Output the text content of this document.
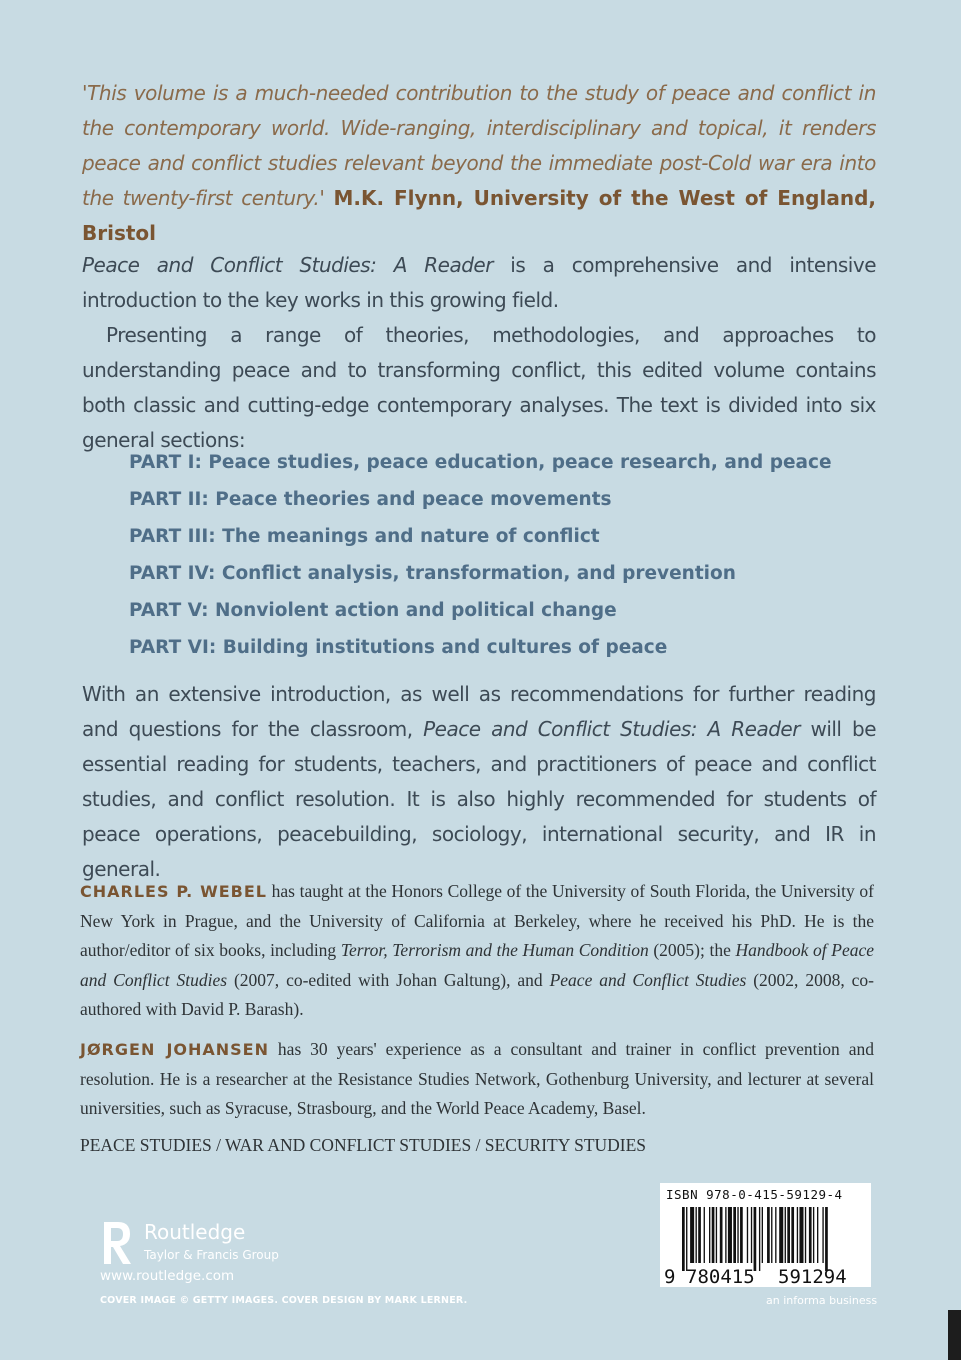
'This volume is a much-needed contribution to the study of peace and conflict in the contemporary world. Wide-ranging, interdisciplinary and topical, it renders peace and conflict studies relevant beyond the immediate post-Cold war era into the twenty-first century.' M.K. Flynn, University of the West of England, Bristol

Peace and Conflict Studies: A Reader is a comprehensive and intensive introduction to the key works in this growing field.

Presenting a range of theories, methodologies, and approaches to understanding peace and to transforming conflict, this edited volume contains both classic and cutting-edge contemporary analyses. The text is divided into six general sections:

PART I: Peace studies, peace education, peace research, and peace
PART II: Peace theories and peace movements
PART III: The meanings and nature of conflict
PART IV: Conflict analysis, transformation, and prevention
PART V: Nonviolent action and political change
PART VI: Building institutions and cultures of peace
With an extensive introduction, as well as recommendations for further reading and questions for the classroom, Peace and Conflict Studies: A Reader will be essential reading for students, teachers, and practitioners of peace and conflict studies, and conflict resolution. It is also highly recommended for students of peace operations, peacebuilding, sociology, international security, and IR in general.
CHARLES P. WEBEL has taught at the Honors College of the University of South Florida, the University of New York in Prague, and the University of California at Berkeley, where he received his PhD. He is the author/editor of six books, including Terror, Terrorism and the Human Condition (2005); the Handbook of Peace and Conflict Studies (2007, co-edited with Johan Galtung), and Peace and Conflict Studies (2002, 2008, co-authored with David P. Barash).
JØRGEN JOHANSEN has 30 years' experience as a consultant and trainer in conflict prevention and resolution. He is a researcher at the Resistance Studies Network, Gothenburg University, and lecturer at several universities, such as Syracuse, Strasbourg, and the World Peace Academy, Basel.
PEACE STUDIES / WAR AND CONFLICT STUDIES / SECURITY STUDIES
Routledge
Taylor & Francis Group
www.routledge.com
COVER IMAGE © GETTY IMAGES. COVER DESIGN BY MARK LERNER.
ISBN 978-0-415-59129-4
9 780415 591294
an informa business
